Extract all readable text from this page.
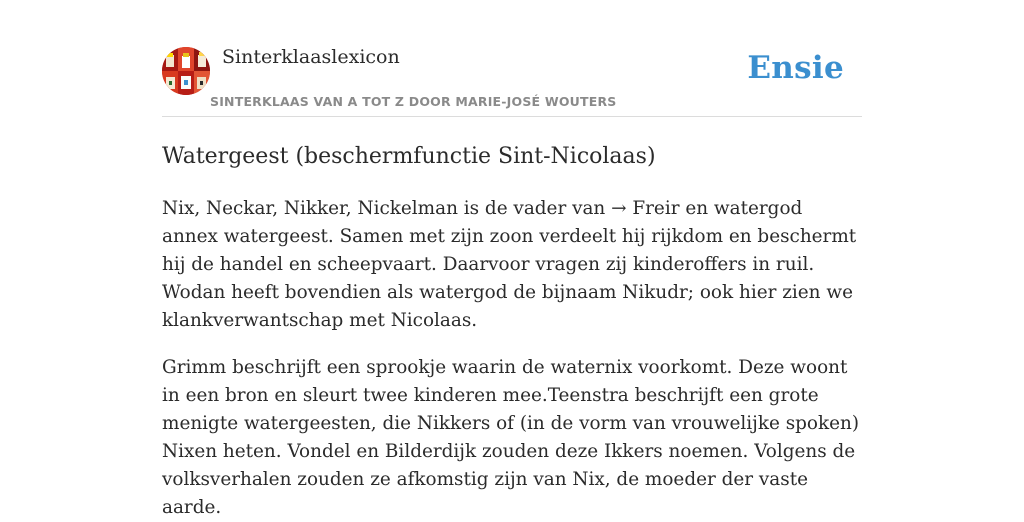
Sinterklaaslexicon
SINTERKLAAS VAN A TOT Z DOOR MARIE-JOSÉ WOUTERS
Ensie
Watergeest (beschermfunctie Sint-Nicolaas)

Nix, Neckar, Nikker, Nickelman is de vader van → Freir en watergod annex watergeest. Samen met zijn zoon verdeelt hij rijkdom en beschermt hij de handel en scheepvaart. Daarvoor vragen zij kinderoffers in ruil. Wodan heeft bovendien als watergod de bijnaam Nikudr; ook hier zien we klankverwantschap met Nicolaas.

Grimm beschrijft een sprookje waarin de waternix voorkomt. Deze woont in een bron en sleurt twee kinderen mee.Teenstra beschrijft een grote menigte watergeesten, die Nikkers of (in de vorm van vrouwelijke spoken) Nixen heten. Vondel en Bilderdijk zouden deze Ikkers noemen. Volgens de volksverhalen zouden ze afkomstig zijn van Nix, de moeder der vaste aarde.
